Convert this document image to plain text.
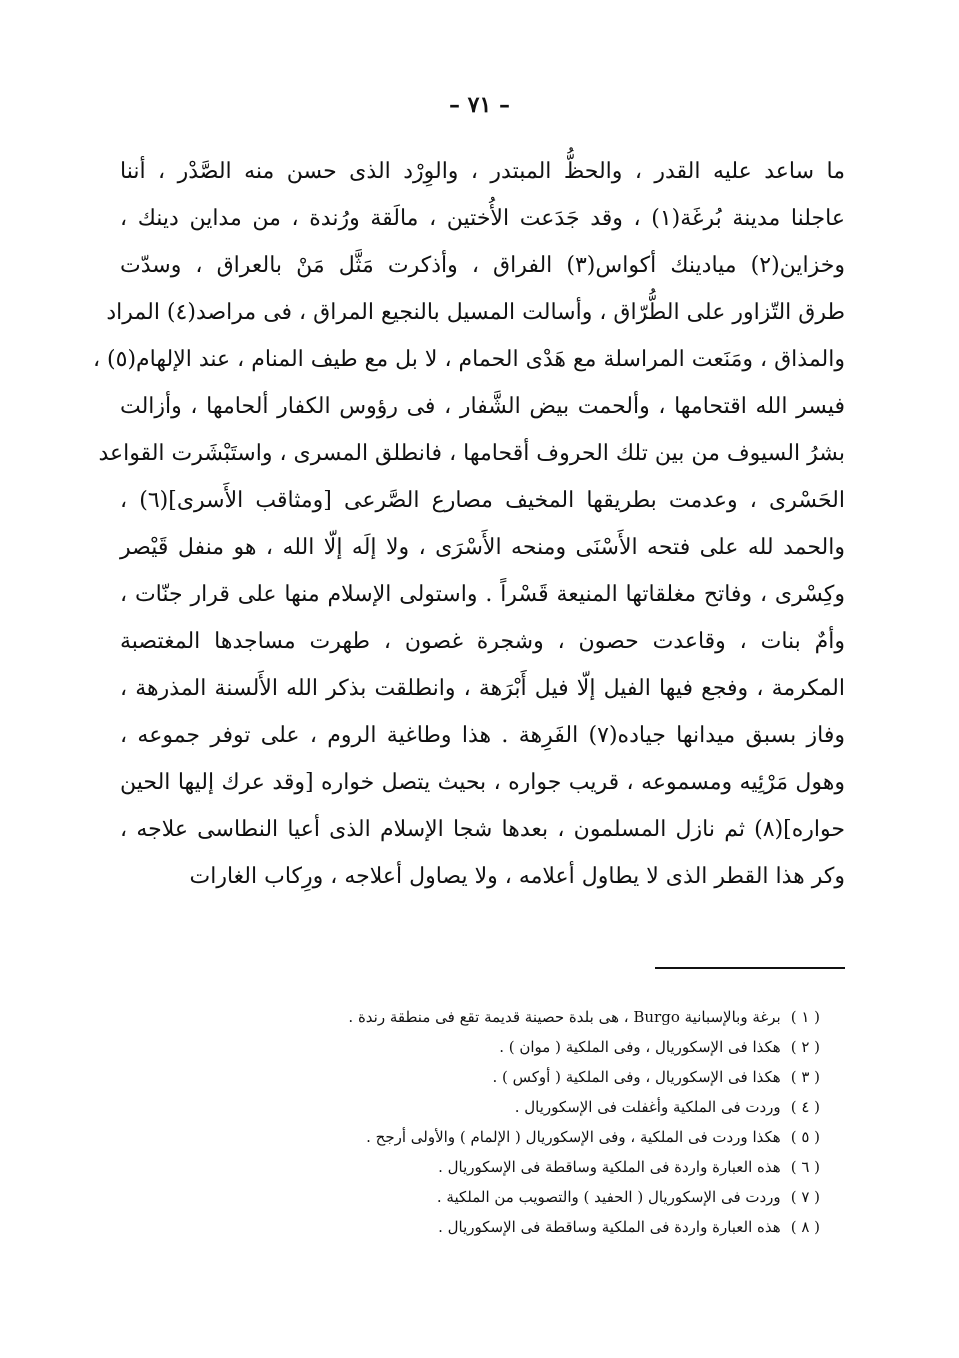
– ٧١ –
ما ساعد عليه القدر ، والحظُّ المبتدر ، والوِرْد الذى حسن منه الصَّدْر ، أننا
عاجلنا مدينة بُرغَة(١) ، وقد جَدَعت الأُختين ، مالَقة ورُندة ، من مداين دينك ،
وخزاين(٢) ميادينك أكواس(٣) الفراق ، وأذكرت مَثَّل مَنْ بالعراق ، وسدّت
طرق التّزاور على الطُّرّاق ، وأسالت المسيل بالنجيع المراق ، فى مراصد(٤) المراد
والمذاق ، ومَنَعت المراسلة مع هَدْى الحمام ، لا بل مع طيف المنام ، عند الإلهام(٥) ،
فيسر الله اقتحامها ، وألحمت بيض الشَّفار ، فى رؤوس الكفار ألحامها ، وأزالت
بشرُ السيوف من بين تلك الحروف أقحامها ، فانطلق المسرى ، واستَبْشَرت القواعد
الحَسْرى ، وعدمت بطريقها المخيف مصارع الصَّرعى [ومثاقب الأَسرى](٦) ،
والحمد لله على فتحه الأَسْنَى ومنحه الأَسْرَى ، ولا إلَه إلّا الله ، هو منفل قَيْصر
وكِسْرى ، وفاتح مغلقاتها المنيعة قَسْراً . واستولى الإسلام منها على قرار جنّات ،
وأمٌ بنات ، وقاعدت حصون ، وشجرة غصون ، طهرت مساجدها المغتصبة
المكرمة ، وفجع فيها الفيل إلّا فيل أَبْرَهة ، وانطلقت بذكر الله الأَلسنة المذرهة ،
وفاز بسبق ميدانها جياده(٧) الفَرِهة . هذا وطاغية الروم ، على توفر جموعه ،
وهول مَرْئِيه ومسموعه ، قريب جواره ، بحيث يتصل خواره [وقد عرك إليها الحين
حواره](٨) ثم نازل المسلمون ، بعدها شجا الإسلام الذى أعيا النطاسى علاجه ،
وكر هذا القطر الذى لا يطاول أعلامه ، ولا يصاول أعلاجه ، ورِكاب الغارات
( ١ )برغة وبالإسبانية Burgo ، هى بلدة حصينة قديمة تقع فى منطقة رندة .
( ٢ )هكذا فى الإسكوريال ، وفى الملكية ( موان ) .
( ٣ )هكذا فى الإسكوريال ، وفى الملكية ( أوكس ) .
( ٤ )وردت فى الملكية وأغفلت فى الإسكوريال .
( ٥ )هكذا وردت فى الملكية ، وفى الإسكوريال ( الإلمام ) والأولى أرجح .
( ٦ )هذه العبارة واردة فى الملكية وساقطة فى الإسكوريال .
( ٧ )وردت فى الإسكوريال ( الحفيد ) والتصويب من الملكية .
( ٨ )هذه العبارة واردة فى الملكية وساقطة فى الإسكوريال .
